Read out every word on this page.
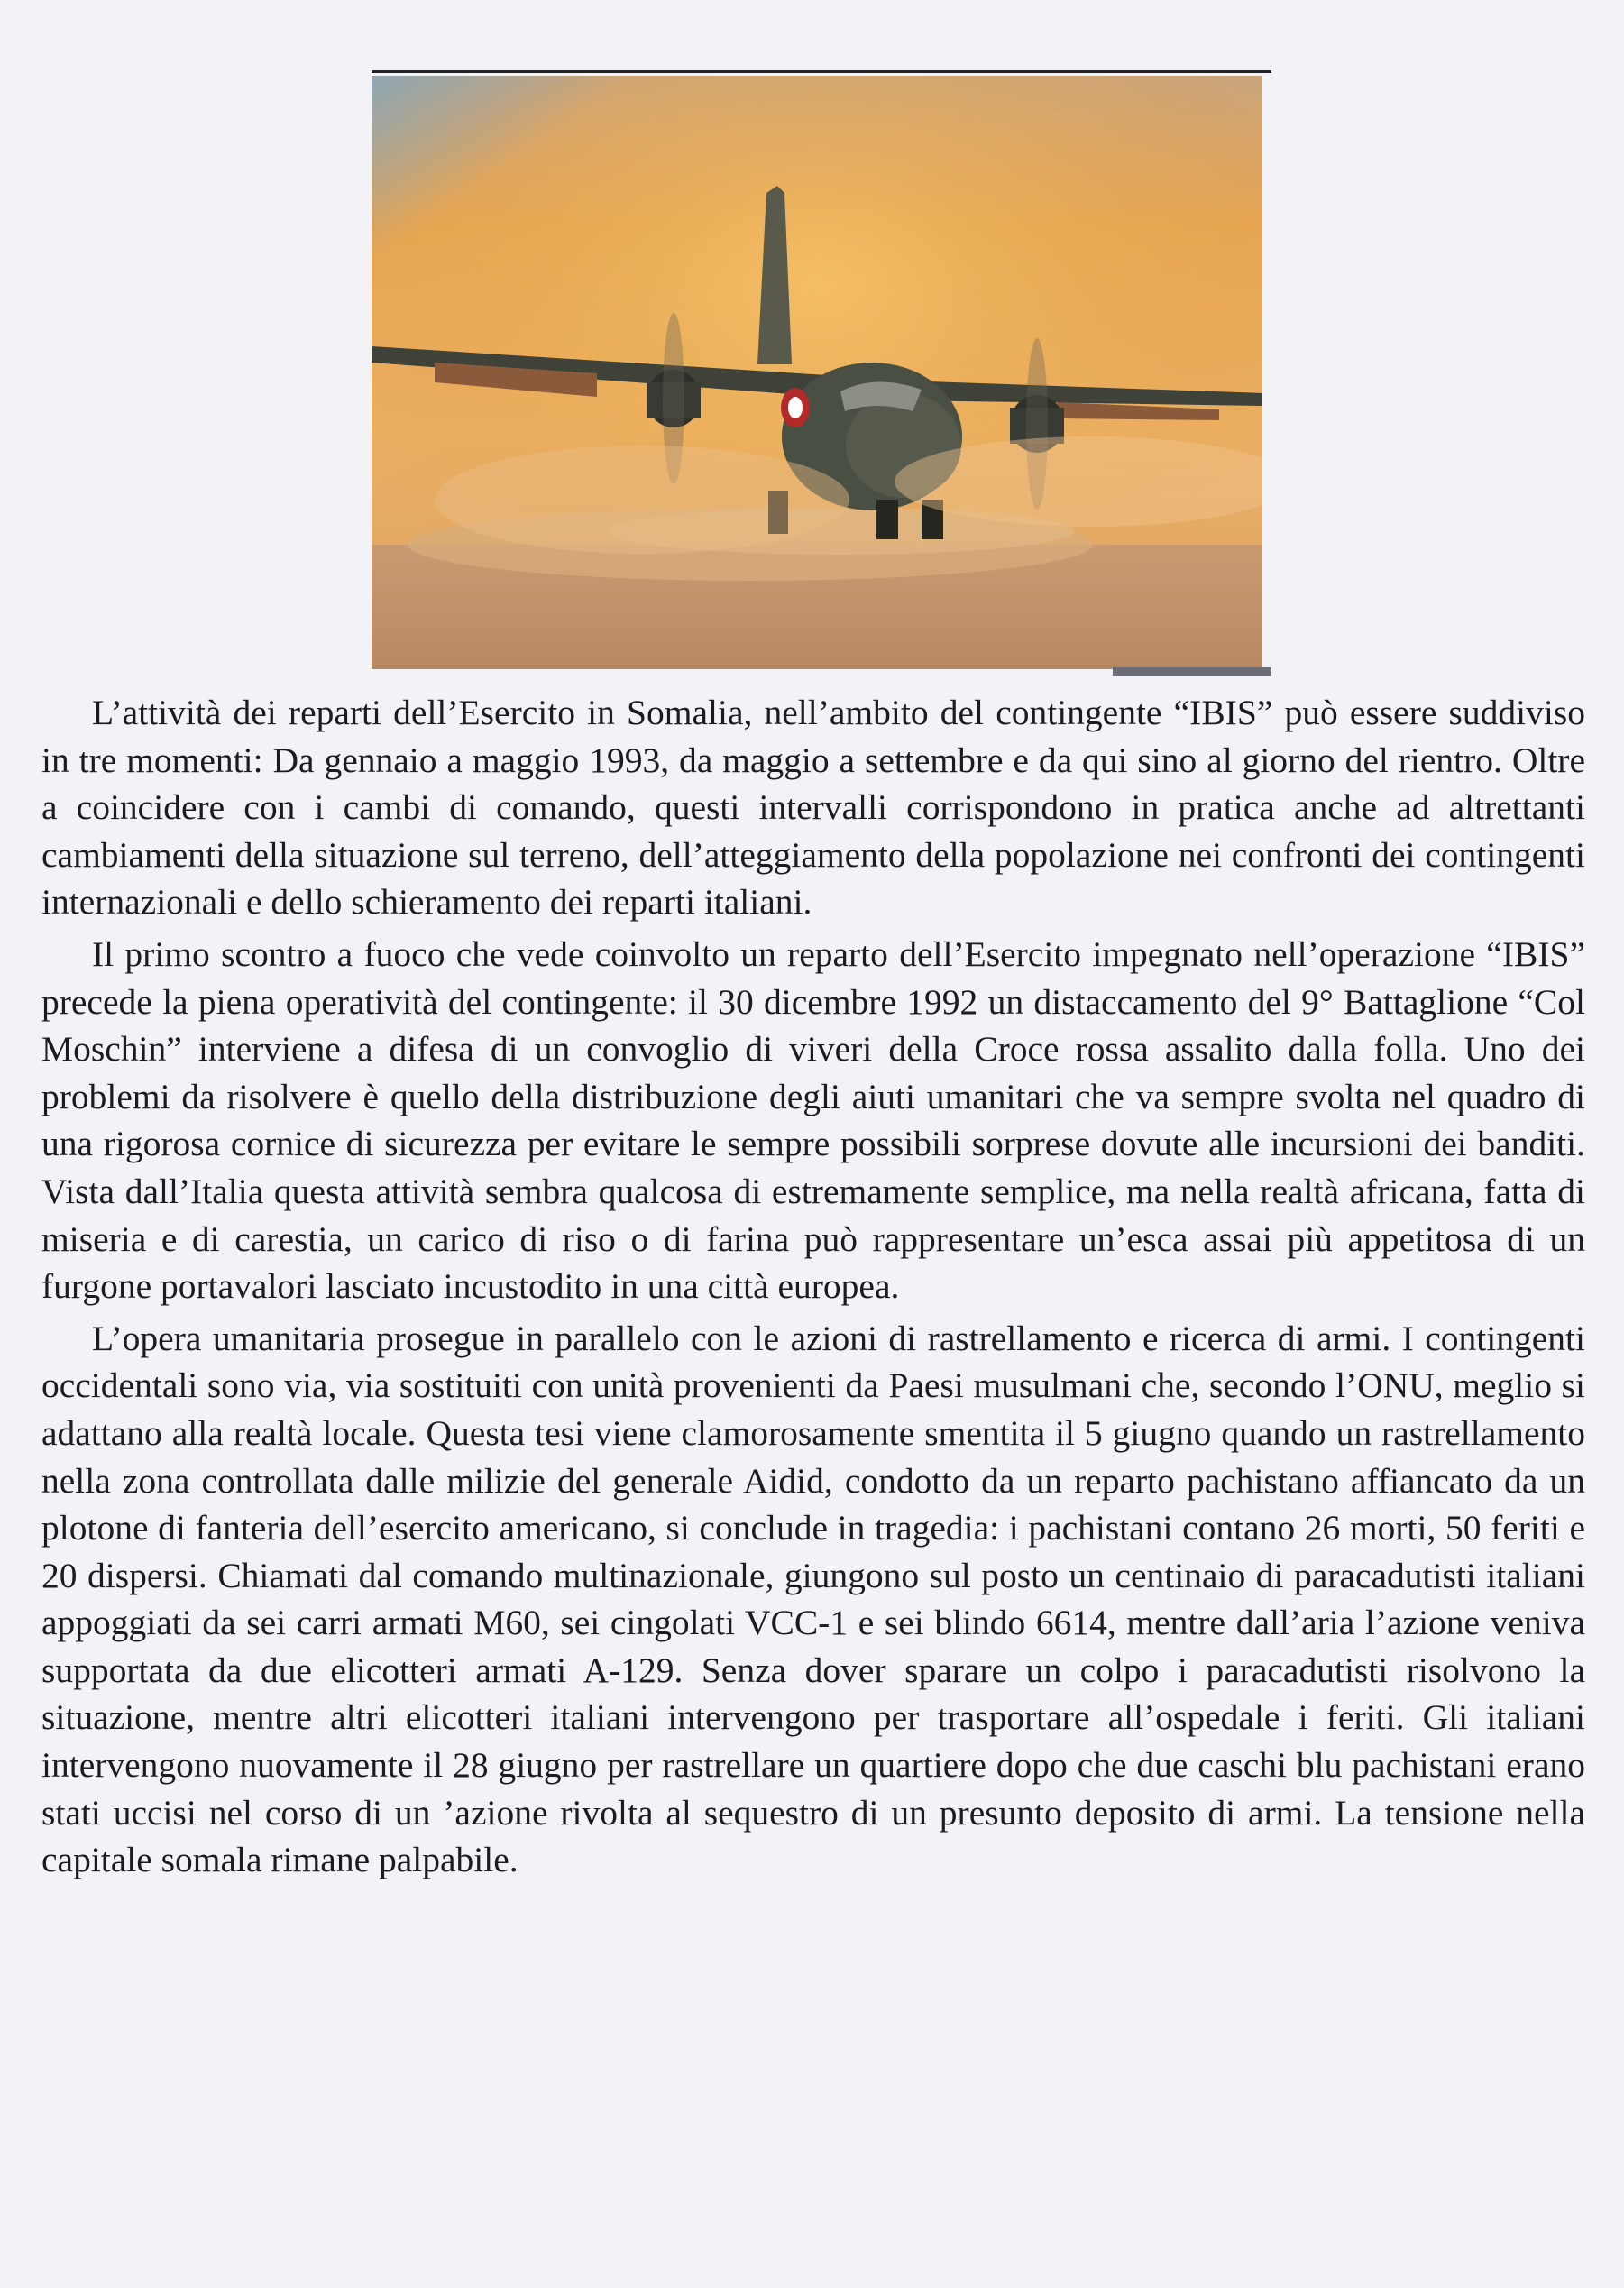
L’attività dei reparti dell’Esercito in Somalia, nell’ambito del contingente “IBIS” può essere suddiviso in tre momenti: Da gennaio a maggio 1993, da maggio a settembre e da qui sino al giorno del rientro. Oltre a coincidere con i cambi di comando, questi intervalli corrispondono in pratica anche ad altrettanti cambiamenti della situazione sul terreno, dell’atteggiamento della popolazione nei confronti dei contingenti internazionali e dello schieramento dei reparti italiani.

Il primo scontro a fuoco che vede coinvolto un reparto dell’Esercito impegnato nell’operazione “IBIS” precede la piena operatività del contingente: il 30 dicembre 1992 un distaccamento del 9° Battaglione “Col Moschin” interviene a difesa di un convoglio di viveri della Croce rossa assalito dalla folla. Uno dei problemi da risolvere è quello della distribuzione degli aiuti umanitari che va sempre svolta nel quadro di una rigorosa cornice di sicurezza per evitare le sempre possibili sorprese dovute alle incursioni dei banditi. Vista dall’Italia questa attività sembra qualcosa di estremamente semplice, ma nella realtà africana, fatta di miseria e di carestia, un carico di riso o di farina può rappresentare un’esca assai più appetitosa di un furgone portavalori lasciato incustodito in una città europea.

L’opera umanitaria prosegue in parallelo con le azioni di rastrellamento e ricerca di armi. I contingenti occidentali sono via, via sostituiti con unità provenienti da Paesi musulmani che, secondo l’ONU, meglio si adattano alla realtà locale. Questa tesi viene clamorosamente smentita il 5 giugno quando un rastrellamento nella zona controllata dalle milizie del generale Aidid, condotto da un reparto pachistano affiancato da un plotone di fanteria dell’esercito americano, si conclude in tragedia: i pachistani contano 26 morti, 50 feriti e 20 dispersi. Chiamati dal comando multinazionale, giungono sul posto un centinaio di paracadutisti italiani appoggiati da sei carri armati M60, sei cingolati VCC-1 e sei blindo 6614, mentre dall’aria l’azione veniva supportata da due elicotteri armati A-129. Senza dover sparare un colpo i paracadutisti risolvono la situazione, mentre altri elicotteri italiani intervengono per trasportare all’ospedale i feriti. Gli italiani intervengono nuovamente il 28 giugno per rastrellare un quartiere dopo che due caschi blu pachistani erano stati uccisi nel corso di un ’azione rivolta al sequestro di un presunto deposito di armi. La tensione nella capitale somala rimane palpabile.
